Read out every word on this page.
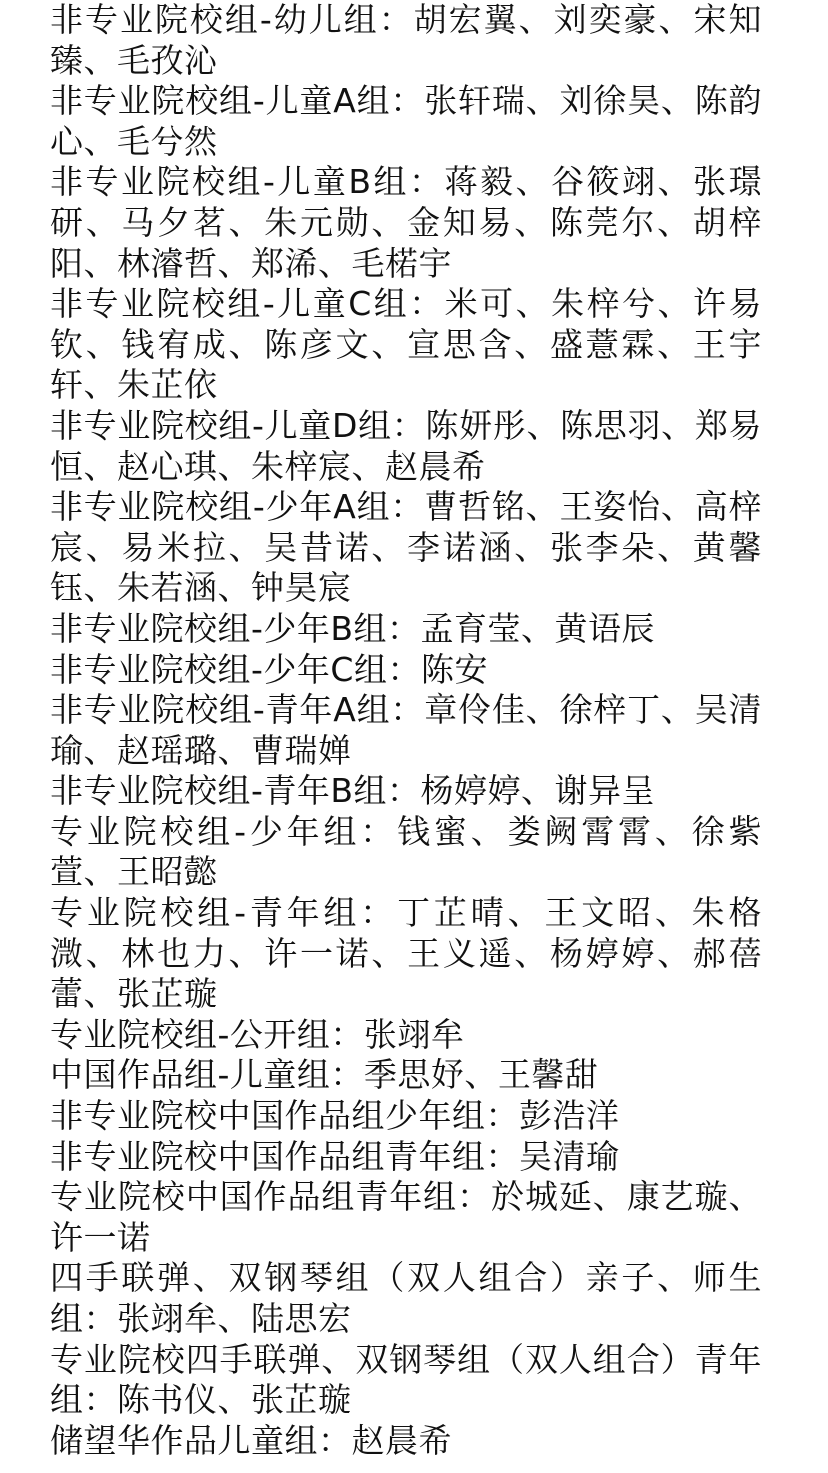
非专业院校组-幼儿组：胡宏翼、刘奕豪、宋知臻、毛孜沁
非专业院校组-儿童A组：张轩瑞、刘徐昊、陈韵心、毛兮然
非专业院校组-儿童B组：蒋毅、谷筱翊、张璟研、马夕茗、朱元勋、金知易、陈莞尔、胡梓阳、林濬哲、郑浠、毛楉宇
非专业院校组-儿童C组：米可、朱梓兮、许易钦、钱宥成、陈彦文、宣思含、盛薏霖、王宇轩、朱芷依
非专业院校组-儿童D组：陈妍彤、陈思羽、郑易恒、赵心琪、朱梓宸、赵晨希
非专业院校组-少年A组：曹哲铭、王姿怡、高梓宸、易米拉、吴昔诺、李诺涵、张李朵、黄馨钰、朱若涵、钟昊宸
非专业院校组-少年B组：孟育莹、黄语辰
非专业院校组-少年C组：陈安
非专业院校组-青年A组：章伶佳、徐梓丁、吴清瑜、赵瑶璐、曹瑞婵
非专业院校组-青年B组：杨婷婷、谢异呈
专业院校组-少年组：钱蜜、娄阙霄霄、徐紫萱、王昭懿
专业院校组-青年组：丁芷晴、王文昭、朱格溦、林也力、许一诺、王义遥、杨婷婷、郝蓓蕾、张芷璇
专业院校组-公开组：张翊牟
中国作品组-儿童组：季思妤、王馨甜
非专业院校中国作品组少年组：彭浩洋
非专业院校中国作品组青年组：吴清瑜
专业院校中国作品组青年组：於城延、康艺璇、许一诺
四手联弹、双钢琴组（双人组合）亲子、师生组：张翊牟、陆思宏
专业院校四手联弹、双钢琴组（双人组合）青年组：陈书仪、张芷璇
储望华作品儿童组：赵晨希
